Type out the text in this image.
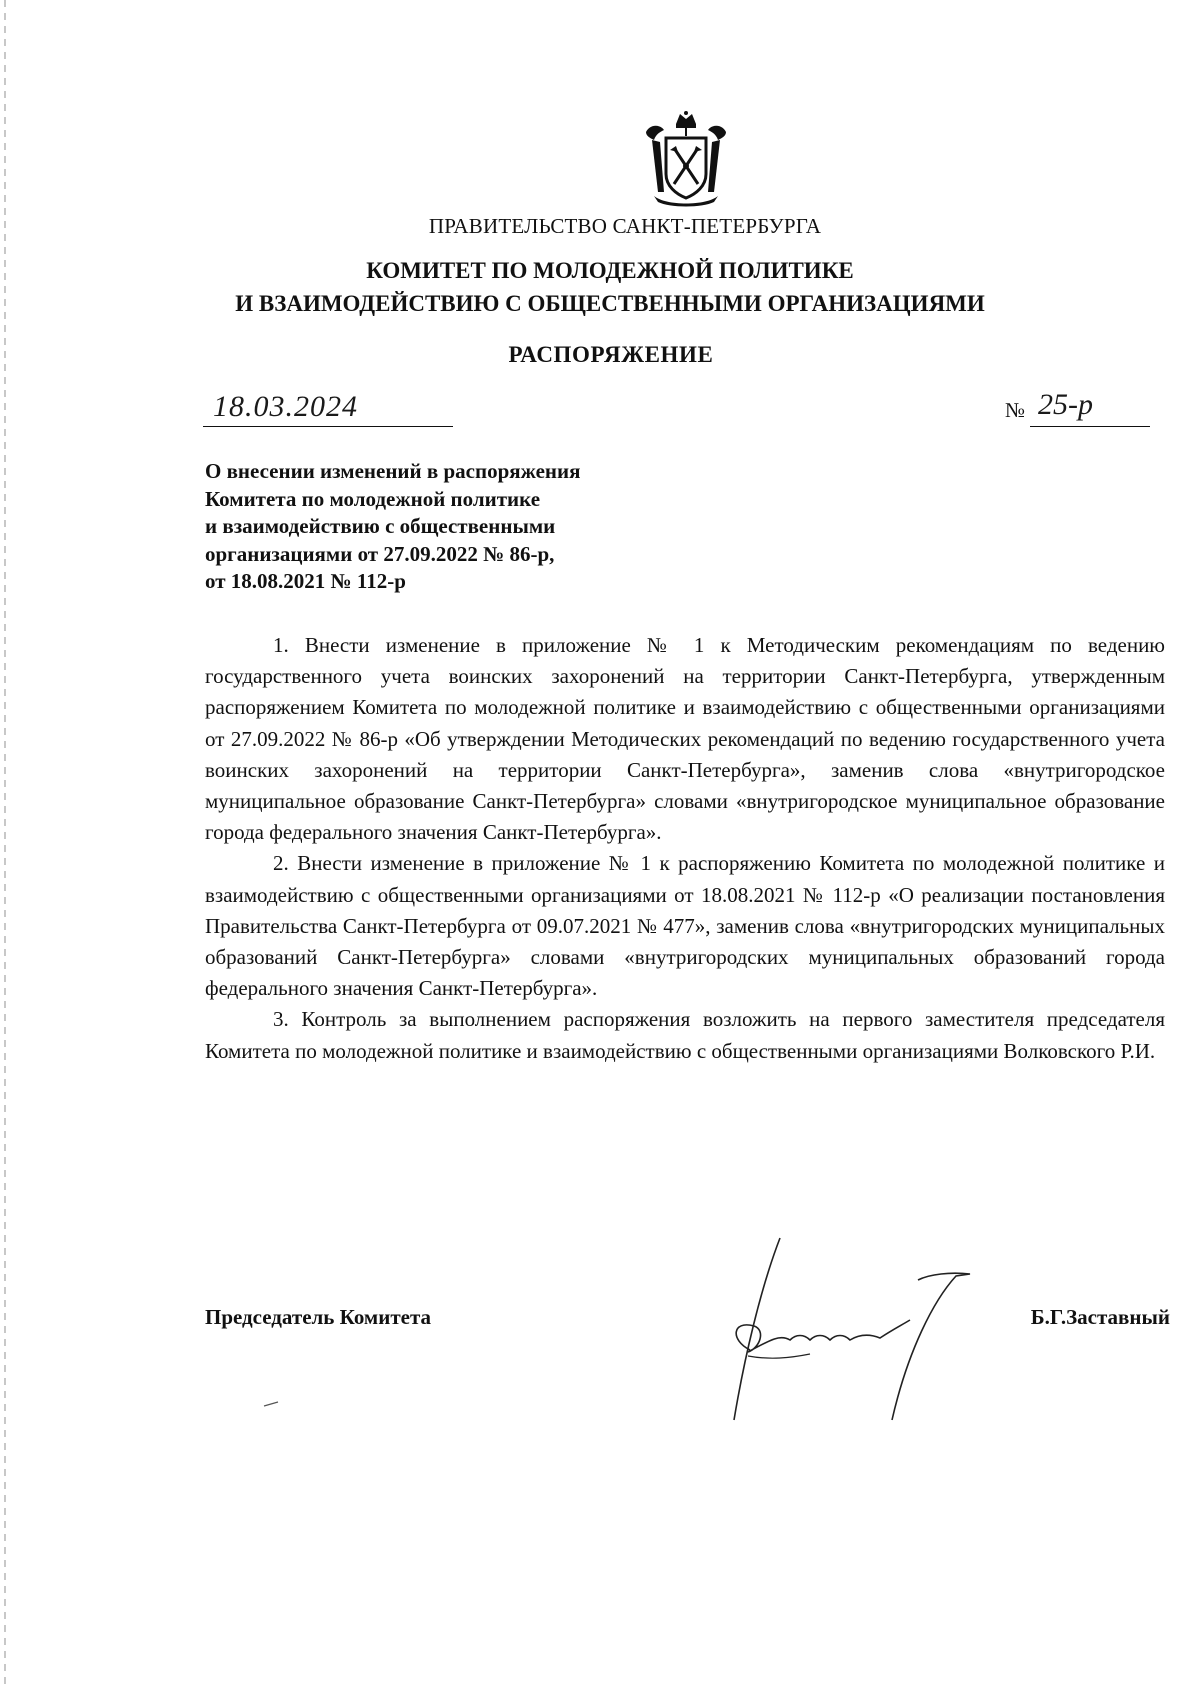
ПРАВИТЕЛЬСТВО САНКТ-ПЕТЕРБУРГА
КОМИТЕТ ПО МОЛОДЕЖНОЙ ПОЛИТИКЕ
И ВЗАИМОДЕЙСТВИЮ С ОБЩЕСТВЕННЫМИ ОРГАНИЗАЦИЯМИ
РАСПОРЯЖЕНИЕ
18.03.2024	№ 25-р
О внесении изменений в распоряжения
Комитета по молодежной политике
и взаимодействию с общественными
организациями от 27.09.2022 № 86-р,
от 18.08.2021 № 112-р

1. Внести изменение в приложение № 1 к Методическим рекомендациям по ведению государственного учета воинских захоронений на территории Санкт-Петербурга, утвержденным распоряжением Комитета по молодежной политике и взаимодействию с общественными организациями от 27.09.2022 № 86-р «Об утверждении Методических рекомендаций по ведению государственного учета воинских захоронений на территории Санкт-Петербурга», заменив слова «внутригородское муниципальное образование Санкт-Петербурга» словами «внутригородское муниципальное образование города федерального значения Санкт-Петербурга».

2. Внести изменение в приложение № 1 к распоряжению Комитета по молодежной политике и взаимодействию с общественными организациями от 18.08.2021 № 112-р «О реализации постановления Правительства Санкт-Петербурга от 09.07.2021 № 477», заменив слова «внутригородских муниципальных образований Санкт-Петербурга» словами «внутригородских муниципальных образований города федерального значения Санкт-Петербурга».

3. Контроль за выполнением распоряжения возложить на первого заместителя председателя Комитета по молодежной политике и взаимодействию с общественными организациями Волковского Р.И.

Председатель Комитета	Б.Г.Заставный
